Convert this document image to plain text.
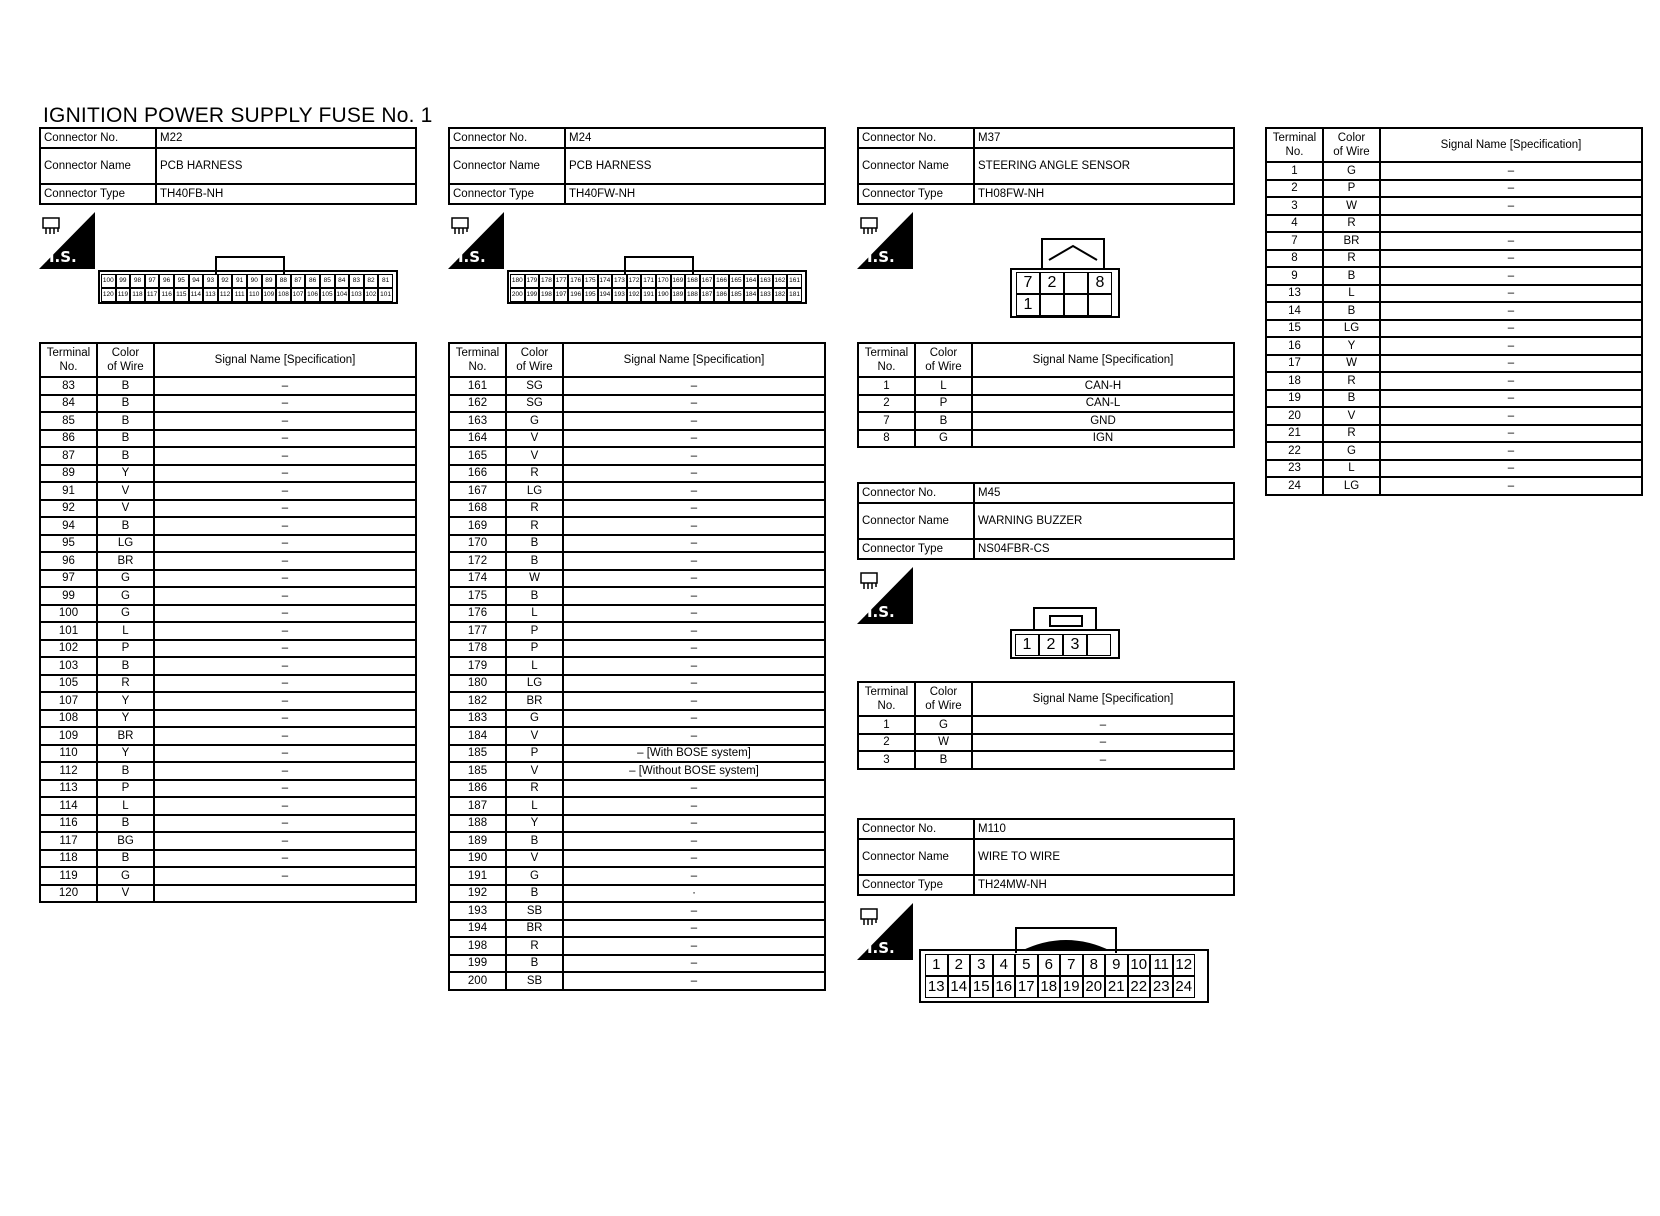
IGNITION POWER SUPPLY FUSE No. 1
Connector No.	M22
Connector Name	PCB HARNESS
Connector Type	TH40FB-NH
H.S.
100 99	98	97	96	95	94	93	92	91	90	89	88	87	86	85	84	83	82	81
120 119 118 117 116 115 114 113 112 111 110 109 108 107 106 105 104 103 102 101
Terminal
No.	Color
of Wire	Signal Name [Specification]
83	B	–
84	B	–
85	B	–
86	B	–
87	B	–
89	Y	–
91	V	–
92	V	–
94	B	–
95	LG	–
96	BR	–
97	G	–
99	G	–
100	G	–
101	L	–
102	P	–
103	B	–
105	R	–
107	Y	–
108	Y	–
109	BR	–
110	Y	–
112	B	–
113	P	–
114	L	–
116	B	–
117	BG	–
118	B	–
119	G	–
120	V	
Connector No.	M24
Connector Name	PCB HARNESS
Connector Type	TH40FW-NH
H.S.
180 179 178 177 176 175 174 173 172 171 170 169 168 167 166 165 164 163 162 161
200 199 198 197 196 195 194 193 192 191 190 189 188 187 186 185 184 183 182 181
Terminal
No.	Color
of Wire	Signal Name [Specification]
161	SG	–
162	SG	–
163	G	–
164	V	–
165	V	–
166	R	–
167	LG	–
168	R	–
169	R	–
170	B	–
172	B	–
174	W	–
175	B	–
176	L	–
177	P	–
178	P	–
179	L	–
180	LG	–
182	BR	–
183	G	–
184	V	–
185	P	– [With BOSE system]
185	V	– [Without BOSE system]
186	R	–
187	L	–
188	Y	–
189	B	–
190	V	–
191	G	–
192	B	·
193	SB	–
194	BR	–
198	R	–
199	B	–
200	SB	–
Connector No.	M37
Connector Name	STEERING ANGLE SENSOR
Connector Type	TH08FW-NH
H.S.
7 2	8
1
Terminal
No.	Color
of Wire	Signal Name [Specification]
1	L	CAN-H
2	P	CAN-L
7	B	GND
8	G	IGN
Connector No.	M45
Connector Name	WARNING BUZZER
Connector Type	NS04FBR-CS
H.S.
1 2 3
Terminal
No.	Color
of Wire	Signal Name [Specification]
1	G	–
2	W	–
3	B	–
Connector No.	M110
Connector Name	WIRE TO WIRE
Connector Type	TH24MW-NH
H.S.
1 2 3 4 5 6 7 8 9 10 11 12
13 14 15 16 17 18 19 20 21 22 23 24
Terminal
No.	Color
of Wire	Signal Name [Specification]
1	G	–
2	P	–
3	W	–
4	R	
7	BR	–
8	R	–
9	B	–
13	L	–
14	B	–
15	LG	–
16	Y	–
17	W	–
18	R	–
19	B	–
20	V	–
21	R	–
22	G	–
23	L	–
24	LG	–
